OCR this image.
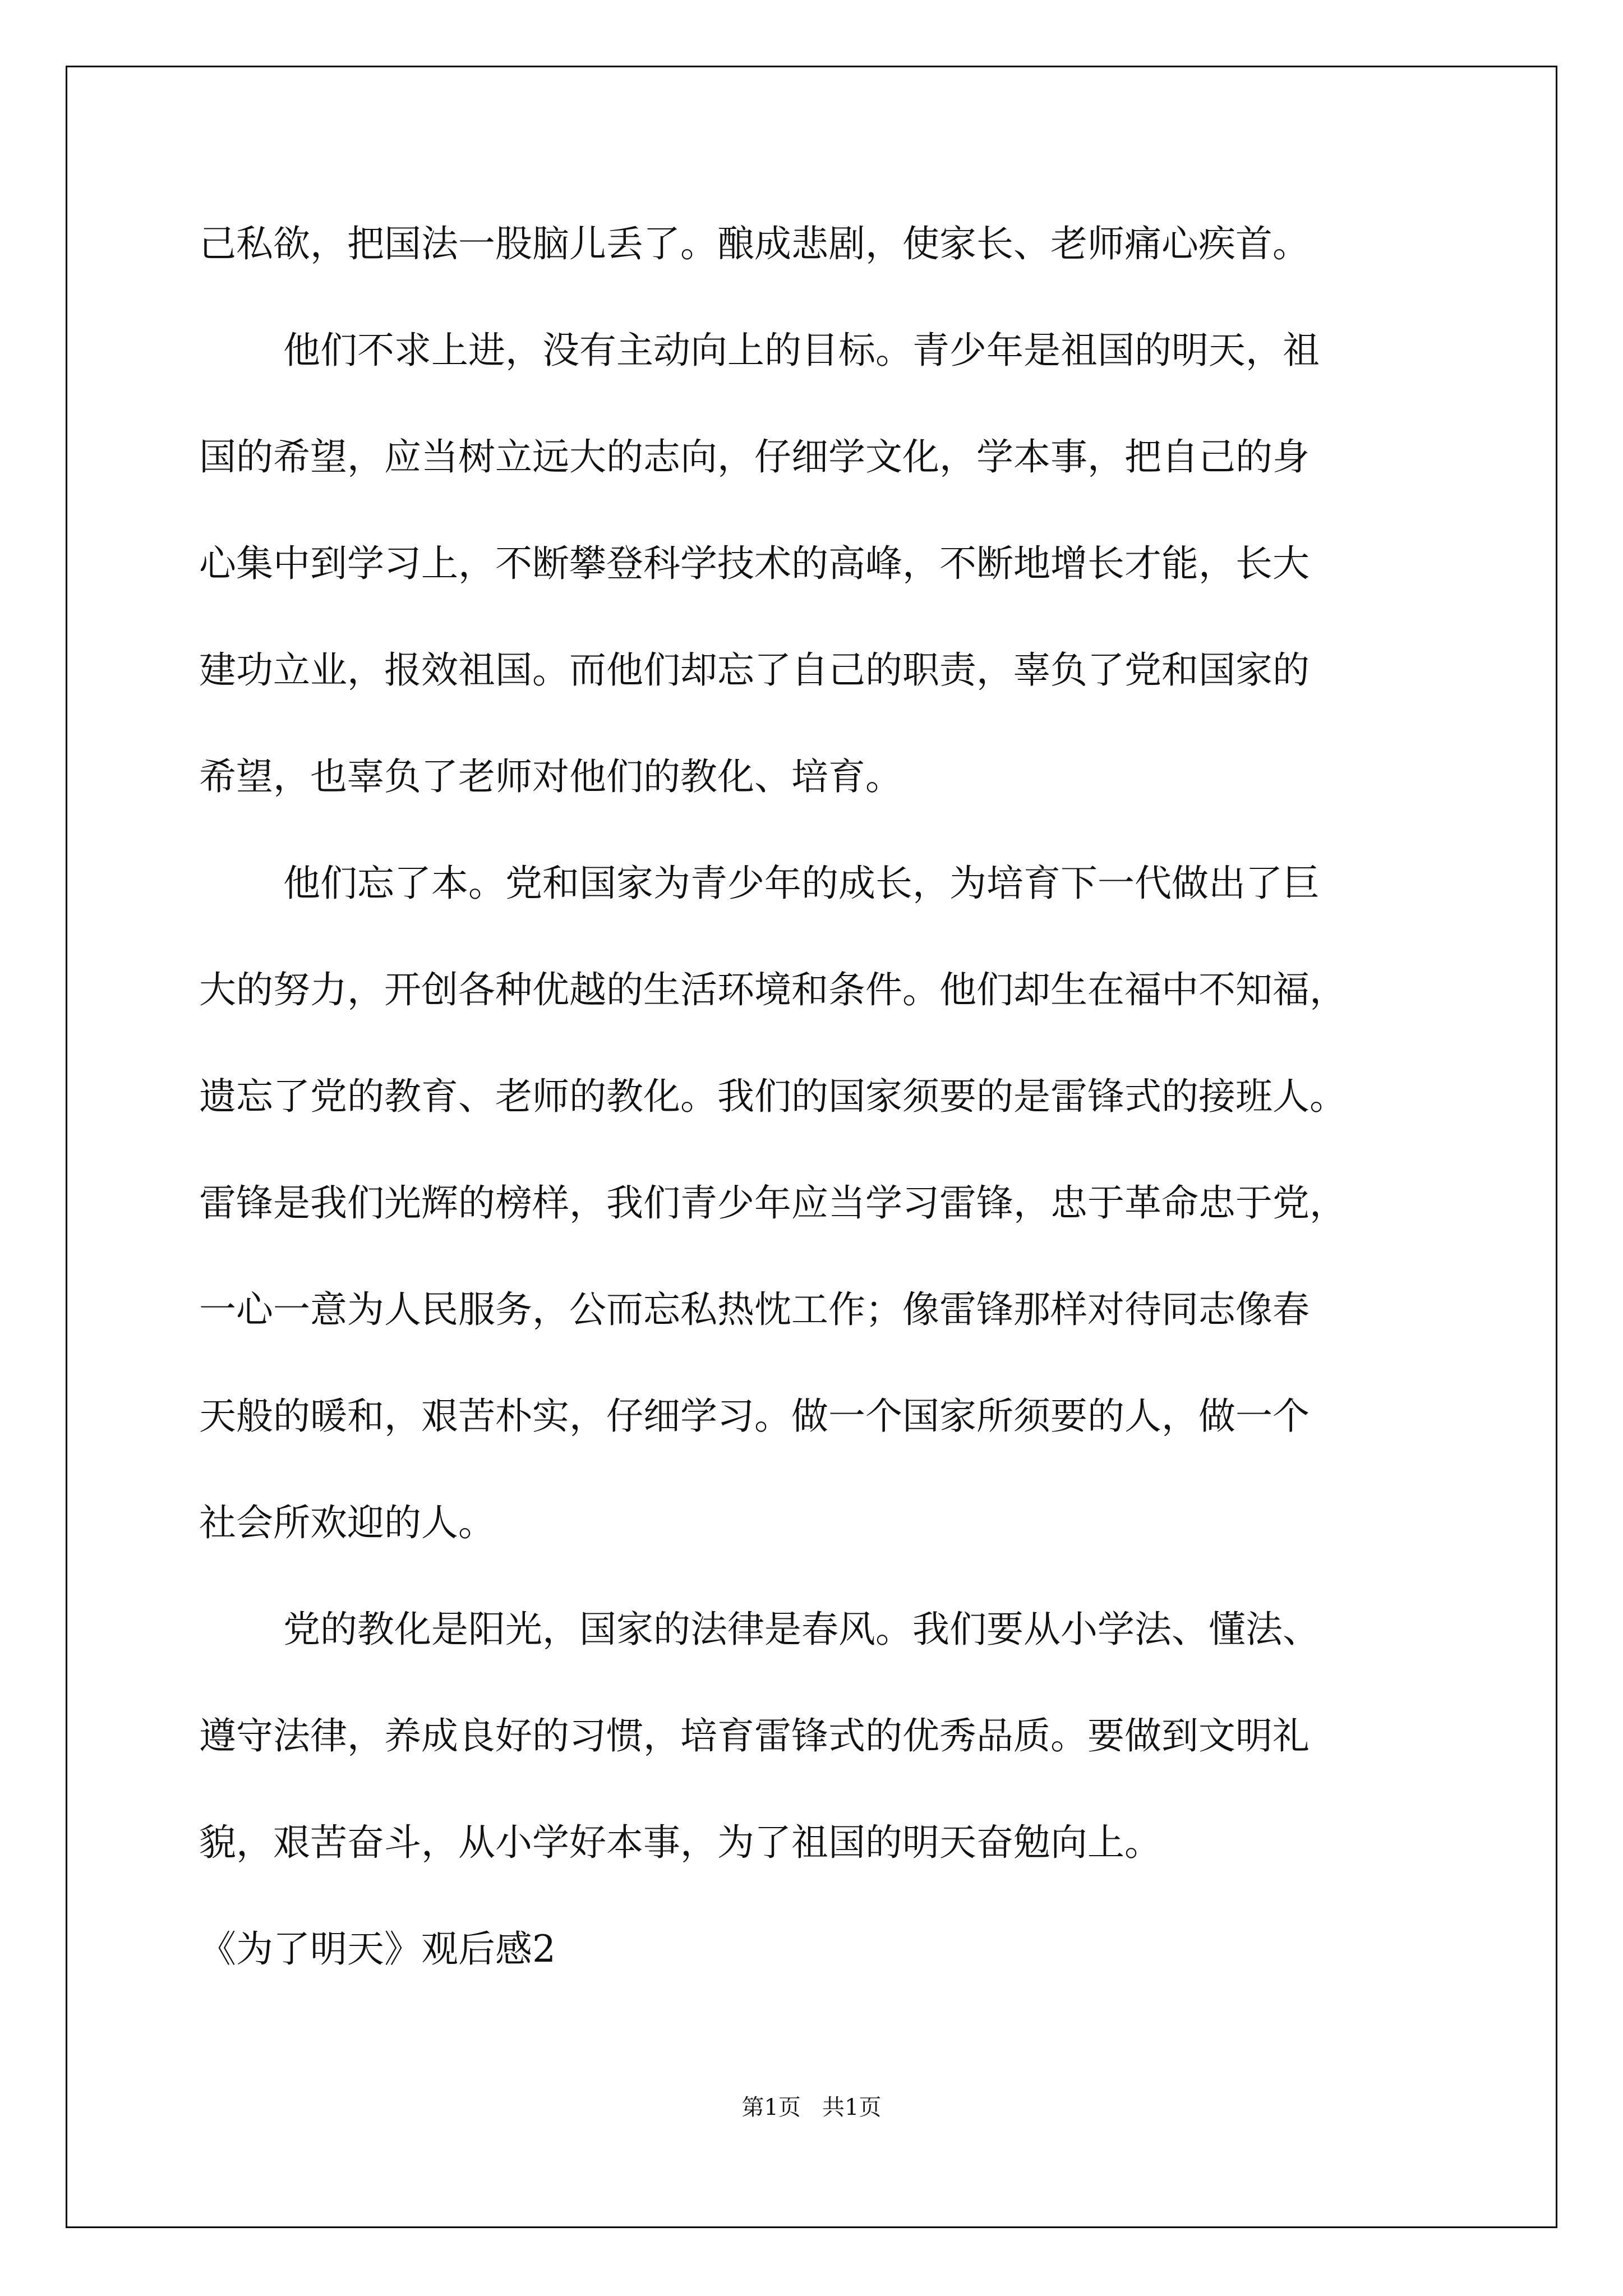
己私欲，把国法一股脑儿丢了。酿成悲剧，使家长、老师痛心疾首。
他们不求上进，没有主动向上的目标。青少年是祖国的明天，祖
国的希望，应当树立远大的志向，仔细学文化，学本事，把自己的身
心集中到学习上，不断攀登科学技术的高峰，不断地增长才能，长大
建功立业，报效祖国。而他们却忘了自己的职责，辜负了党和国家的
希望，也辜负了老师对他们的教化、培育。
他们忘了本。党和国家为青少年的成长，为培育下一代做出了巨
大的努力，开创各种优越的生活环境和条件。他们却生在福中不知福，
遗忘了党的教育、老师的教化。我们的国家须要的是雷锋式的接班人。
雷锋是我们光辉的榜样，我们青少年应当学习雷锋，忠于革命忠于党，
一心一意为人民服务，公而忘私热忱工作；像雷锋那样对待同志像春
天般的暖和，艰苦朴实，仔细学习。做一个国家所须要的人，做一个
社会所欢迎的人。
党的教化是阳光，国家的法律是春风。我们要从小学法、懂法、
遵守法律，养成良好的习惯，培育雷锋式的优秀品质。要做到文明礼
貌，艰苦奋斗，从小学好本事，为了祖国的明天奋勉向上。
《为了明天》观后感2
第1页   共1页
